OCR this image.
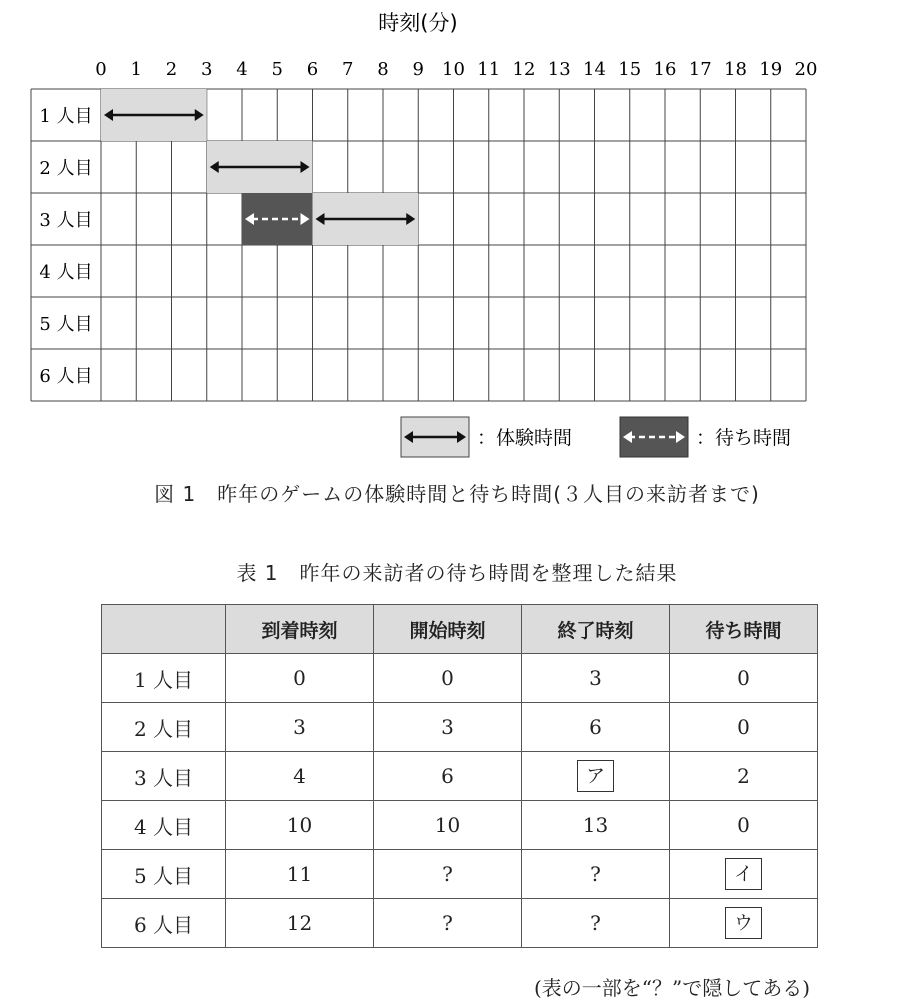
時刻(分)
0 1 2 3 4 5 6 7 8 9 10 11 12 13 14 15 16 17 18 19 20
1 人目
2 人目
3 人目
4 人目
5 人目
6 人目
：体験時間	：待ち時間
図 1　昨年のゲームの体験時間と待ち時間(３人目の来訪者まで)
表 1　昨年の来訪者の待ち時間を整理した結果
	到着時刻	開始時刻	終了時刻	待ち時間
1 人目	0	0	3	0
2 人目	3	3	6	0
3 人目	4	6	ア	2
4 人目	10	10	13	0
5 人目	11	?	?	イ
6 人目	12	?	?	ウ
(表の一部を“？”で隠してある)
